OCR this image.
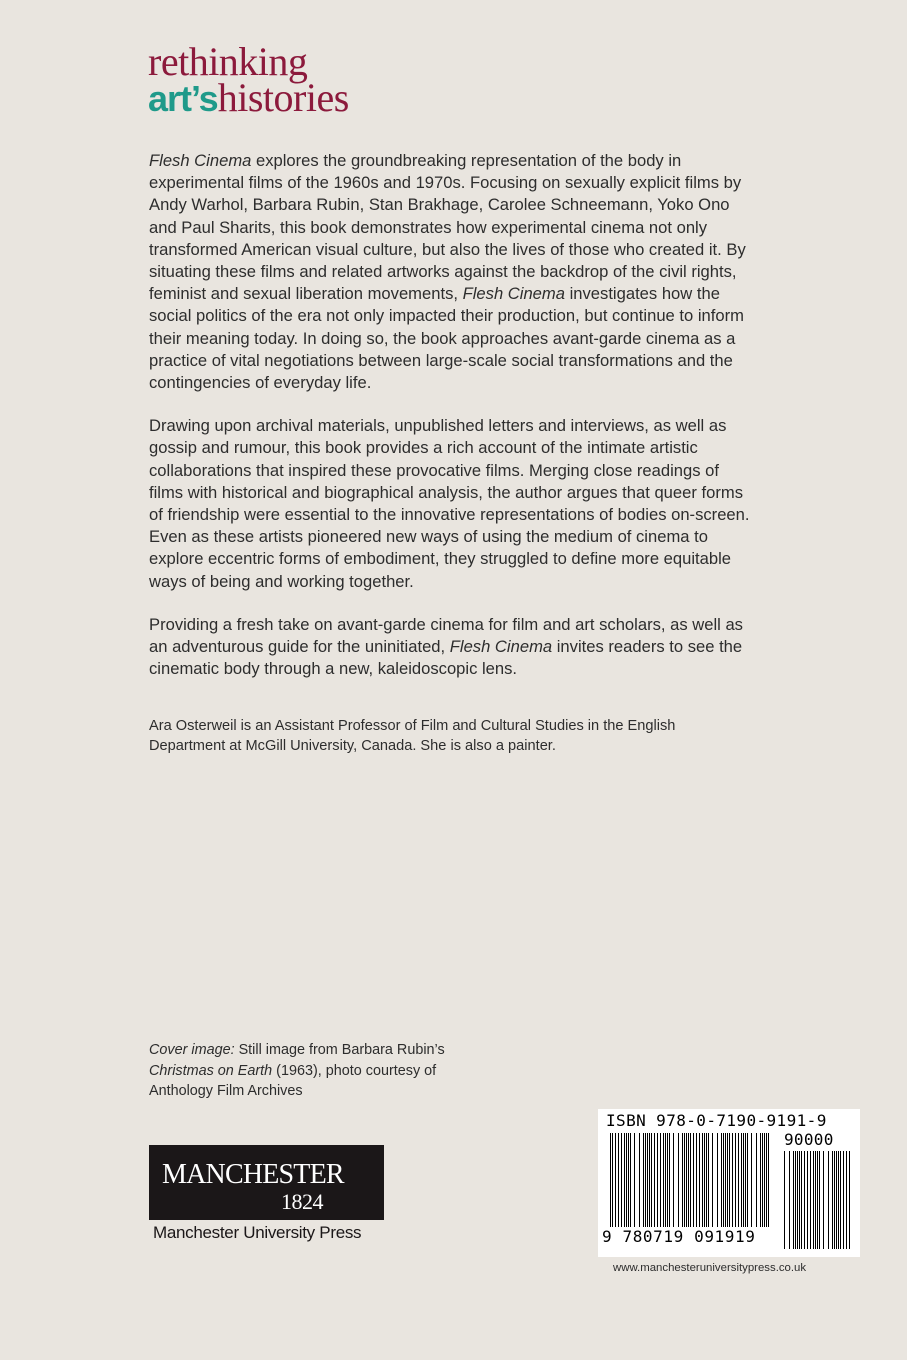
rethinking
art’shistories

Flesh Cinema explores the groundbreaking representation of the body in experimental films of the 1960s and 1970s. Focusing on sexually explicit films by Andy Warhol, Barbara Rubin, Stan Brakhage, Carolee Schneemann, Yoko Ono and Paul Sharits, this book demonstrates how experimental cinema not only transformed American visual culture, but also the lives of those who created it. By situating these films and related artworks against the backdrop of the civil rights, feminist and sexual liberation movements, Flesh Cinema investigates how the social politics of the era not only impacted their production, but continue to inform their meaning today. In doing so, the book approaches avant-garde cinema as a practice of vital negotiations between large-scale social transformations and the contingencies of everyday life.

Drawing upon archival materials, unpublished letters and interviews, as well as gossip and rumour, this book provides a rich account of the intimate artistic collaborations that inspired these provocative films. Merging close readings of films with historical and biographical analysis, the author argues that queer forms of friendship were essential to the innovative representations of bodies on-screen. Even as these artists pioneered new ways of using the medium of cinema to explore eccentric forms of embodiment, they struggled to define more equitable ways of being and working together.

Providing a fresh take on avant-garde cinema for film and art scholars, as well as an adventurous guide for the uninitiated, Flesh Cinema invites readers to see the cinematic body through a new, kaleidoscopic lens.

Ara Osterweil is an Assistant Professor of Film and Cultural Studies in the English Department at McGill University, Canada. She is also a painter.
Cover image: Still image from Barbara Rubin’s Christmas on Earth (1963), photo courtesy of Anthology Film Archives
MANCHESTER
1824
Manchester University Press
ISBN 978-0-7190-9191-9
90000
9 780719 091919
www.manchesteruniversitypress.co.uk
